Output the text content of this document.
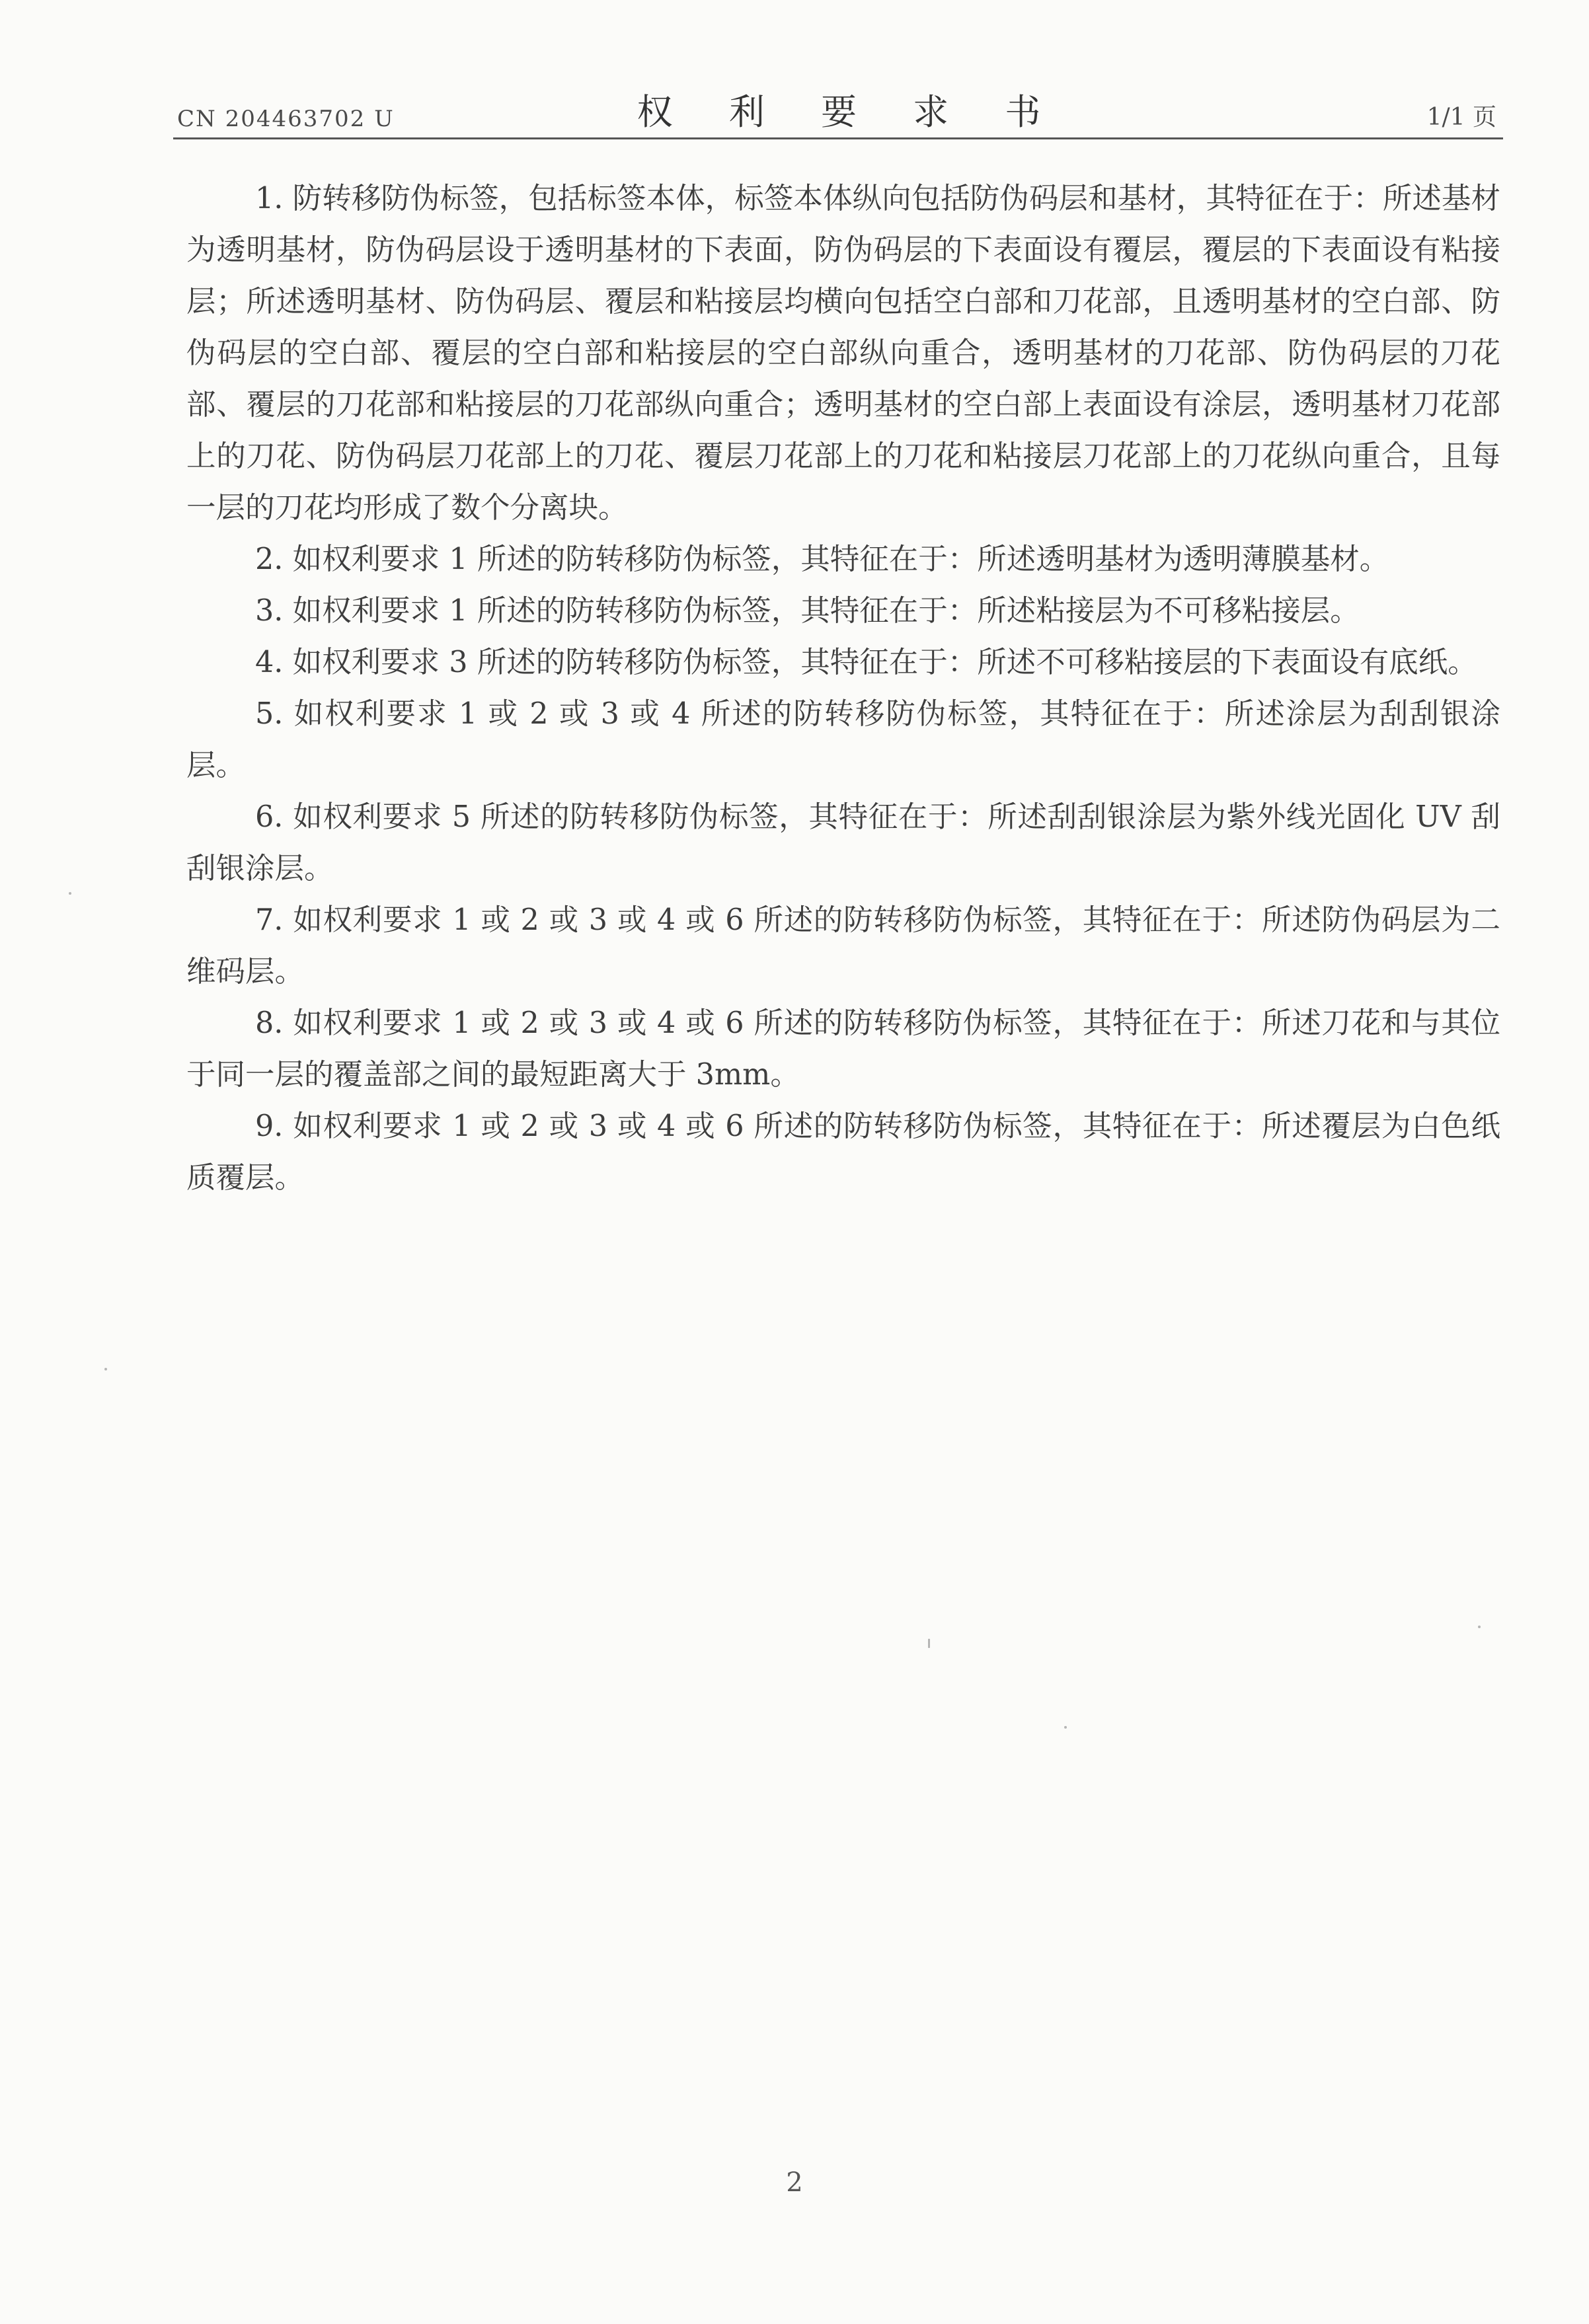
CN 204463702 U	权 利 要 求 书	1/1 页

1. 防转移防伪标签，包括标签本体，标签本体纵向包括防伪码层和基材，其特征在于：所述基材为透明基材，防伪码层设于透明基材的下表面，防伪码层的下表面设有覆层，覆层的下表面设有粘接层；所述透明基材、防伪码层、覆层和粘接层均横向包括空白部和刀花部，且透明基材的空白部、防伪码层的空白部、覆层的空白部和粘接层的空白部纵向重合，透明基材的刀花部、防伪码层的刀花部、覆层的刀花部和粘接层的刀花部纵向重合；透明基材的空白部上表面设有涂层，透明基材刀花部上的刀花、防伪码层刀花部上的刀花、覆层刀花部上的刀花和粘接层刀花部上的刀花纵向重合，且每一层的刀花均形成了数个分离块。

2. 如权利要求 1 所述的防转移防伪标签，其特征在于：所述透明基材为透明薄膜基材。

3. 如权利要求 1 所述的防转移防伪标签，其特征在于：所述粘接层为不可移粘接层。

4. 如权利要求 3 所述的防转移防伪标签，其特征在于：所述不可移粘接层的下表面设有底纸。

5. 如权利要求 1 或 2 或 3 或 4 所述的防转移防伪标签，其特征在于：所述涂层为刮刮银涂层。

6. 如权利要求 5 所述的防转移防伪标签，其特征在于：所述刮刮银涂层为紫外线光固化 UV 刮刮银涂层。

7. 如权利要求 1 或 2 或 3 或 4 或 6 所述的防转移防伪标签，其特征在于：所述防伪码层为二维码层。

8. 如权利要求 1 或 2 或 3 或 4 或 6 所述的防转移防伪标签，其特征在于：所述刀花和与其位于同一层的覆盖部之间的最短距离大于 3mm。

9. 如权利要求 1 或 2 或 3 或 4 或 6 所述的防转移防伪标签，其特征在于：所述覆层为白色纸质覆层。

2
